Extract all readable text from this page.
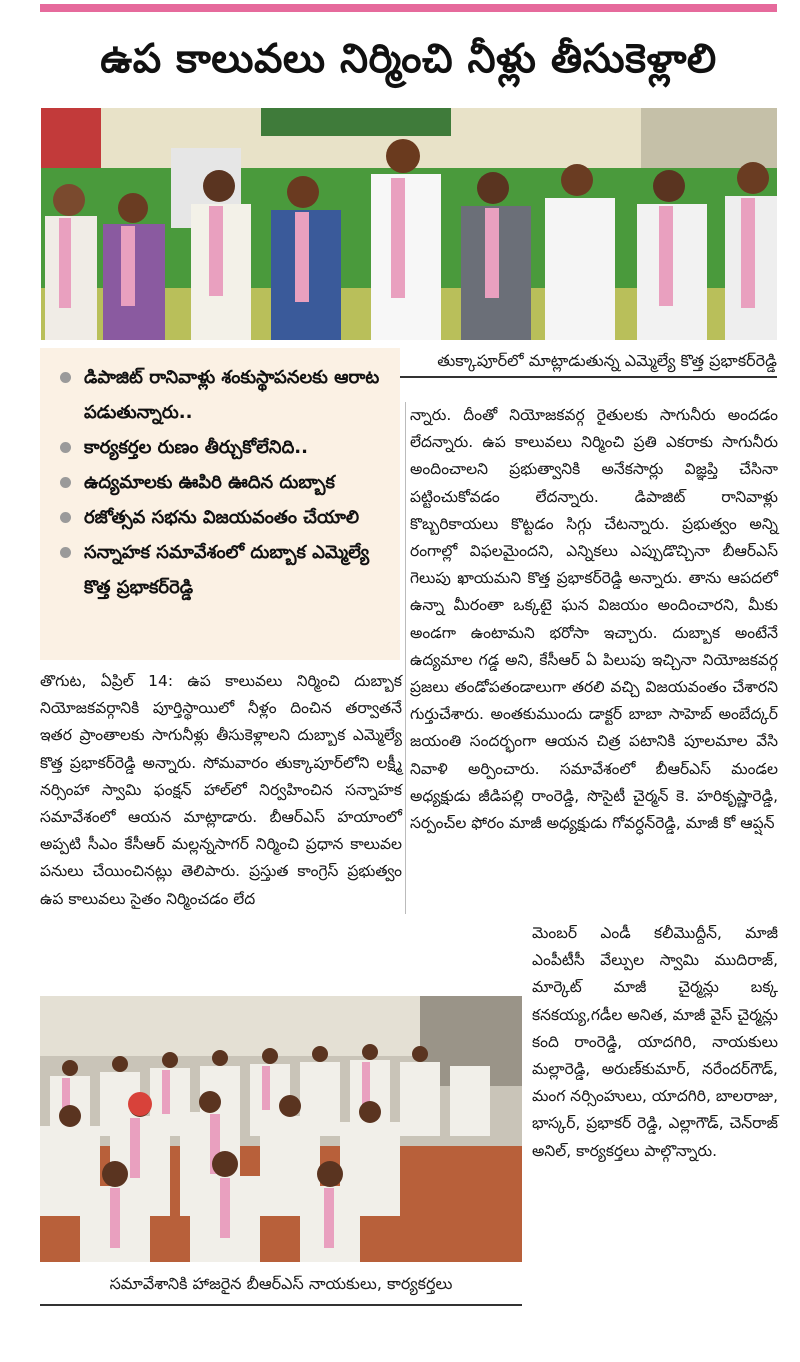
ఉప కాలువలు నిర్మించి నీళ్లు తీసుకెళ్లాలి
తుక్కాపూర్‌లో మాట్లాడుతున్న ఎమ్మెల్యే కొత్త ప్రభాకర్‌రెడ్డి
డిపాజిట్ రానివాళ్లు శంకుస్థాపనలకు ఆరాట పడుతున్నారు..
కార్యకర్తల రుణం తీర్చుకోలేనిది..
ఉద్యమాలకు ఊపిరి ఊదిన దుబ్బాక
రజోత్సవ సభను విజయవంతం చేయాలి
సన్నాహక సమావేశంలో దుబ్బాక ఎమ్మెల్యే కొత్త ప్రభాకర్‌రెడ్డి
తొగుట, ఏప్రిల్ 14: ఉప కాలువలు నిర్మించి దుబ్బాక నియోజకవర్గానికి పూర్తిస్థాయిలో నీళ్లం దించిన తర్వాతనే ఇతర ప్రాంతాలకు సాగునీళ్లు తీసుకెళ్లాలని దుబ్బాక ఎమ్మెల్యే కొత్త ప్రభాకర్‌రెడ్డి అన్నారు. సోమవారం తుక్కాపూర్‌లోని లక్ష్మీ నర్సింహా స్వామి ఫంక్షన్ హాల్‌లో నిర్వహించిన సన్నాహక సమావేశంలో ఆయన మాట్లాడారు. బీఆర్‌ఎస్ హయాంలో అప్పటి సీఎం కేసీఆర్ మల్లన్నసాగర్ నిర్మించి ప్రధాన కాలువల పనులు చేయించినట్లు తెలిపారు. ప్రస్తుత కాంగ్రెస్ ప్రభుత్వం ఉప కాలువలు సైతం నిర్మించడం లేద
న్నారు. దీంతో నియోజకవర్గ రైతులకు సాగునీరు అందడం లేదన్నారు. ఉప కాలువలు నిర్మించి ప్రతి ఎకరాకు సాగునీరు అందించాలని ప్రభుత్వానికి అనేకసార్లు విజ్ఞప్తి చేసినా పట్టించుకోవడం లేదన్నారు. డిపాజిట్ రానివాళ్లు కొబ్బరికాయలు కొట్టడం సిగ్గు చేటన్నారు. ప్రభుత్వం అన్ని రంగాల్లో విఫలమైందని, ఎన్నికలు ఎప్పుడొచ్చినా బీఆర్‌ఎస్ గెలుపు ఖాయమని కొత్త ప్రభాకర్‌రెడ్డి అన్నారు. తాను ఆపదలో ఉన్నా మీరంతా ఒక్కటై ఘన విజయం అందించారని, మీకు అండగా ఉంటామని భరోసా ఇచ్చారు. దుబ్బాక అంటేనే ఉద్యమాల గడ్డ అని, కేసీఆర్ ఏ పిలుపు ఇచ్చినా నియోజకవర్గ ప్రజలు తండోపతండాలుగా తరలి వచ్చి విజయవంతం చేశారని గుర్తుచేశారు. అంతకుముందు డాక్టర్ బాబా సాహెబ్ అంబేద్కర్ జయంతి సందర్భంగా ఆయన చిత్ర పటానికి పూలమాల వేసి నివాళి అర్పించారు. సమావేశంలో బీఆర్‌ఎస్ మండల అధ్యక్షుడు జీడిపల్లి రాంరెడ్డి, సొసైటీ చైర్మన్ కె. హరికృష్ణారెడ్డి, సర్పంచ్‌ల ఫోరం మాజీ అధ్యక్షుడు గోవర్ధన్‌రెడ్డి, మాజీ కో ఆప్షన్
మెంబర్ ఎండీ కలీమొద్దీన్, మాజీ ఎంపీటీసీ వేల్పుల స్వామి ముదిరాజ్, మార్కెట్ మాజీ చైర్మన్లు బక్క కనకయ్య,గడీల అనిత, మాజీ వైస్ చైర్మన్లు కంది రాంరెడ్డి, యాదగిరి, నాయకులు మల్లారెడ్డి, అరుణ్‌కుమార్, నరేందర్‌గౌడ్, మంగ నర్సింహులు, యాదగిరి, బాలరాజు, భాస్కర్, ప్రభాకర్ రెడ్డి, ఎల్లాగౌడ్, చెన్‌రాజ్ అనిల్, కార్యకర్తలు పాల్గొన్నారు.
సమావేశానికి హాజరైన బీఆర్‌ఎస్ నాయకులు, కార్యకర్తలు
